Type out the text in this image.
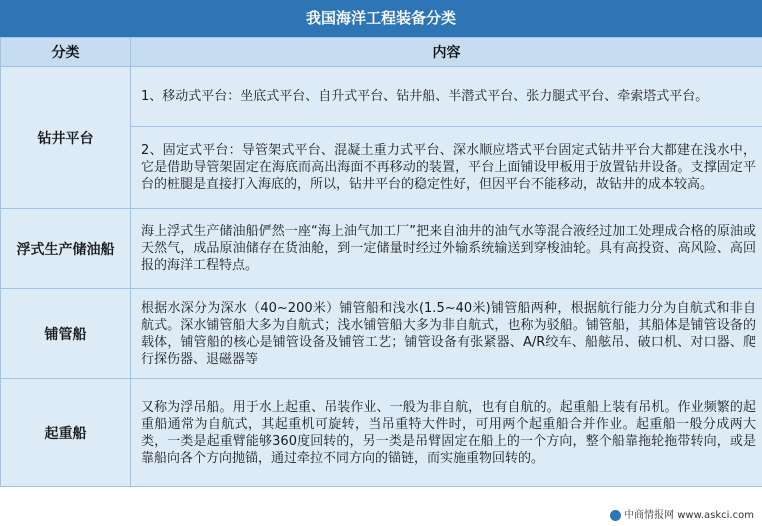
我国海洋工程装备分类
分类	内容
钻井平台	1、移动式平台：坐底式平台、自升式平台、钻井船、半潜式平台、张力腿式平台、牵索塔式平台。
	2、固定式平台：导管架式平台、混凝土重力式平台、深水顺应塔式平台固定式钻井平台大都建在浅水中，它是借助导管架固定在海底而高出海面不再移动的装置，平台上面铺设甲板用于放置钻井设备。支撑固定平台的桩腿是直接打入海底的，所以，钻井平台的稳定性好，但因平台不能移动，故钻井的成本较高。
浮式生产储油船	海上浮式生产储油船俨然一座“海上油气加工厂”把来自油井的油气水等混合液经过加工处理成合格的原油或天然气，成品原油储存在货油舱，到一定储量时经过外输系统输送到穿梭油轮。具有高投资、高风险、高回报的海洋工程特点。
铺管船	根据水深分为深水（40~200米）铺管船和浅水(1.5~40米)铺管船两种，根据航行能力分为自航式和非自航式。深水铺管船大多为自航式；浅水铺管船大多为非自航式，也称为驳船。铺管船，其船体是铺管设备的载体，铺管船的核心是铺管设备及铺管工艺；铺管设备有张紧器、A/R绞车、船舷吊、破口机、对口器、爬行探伤器、退磁器等
起重船	又称为浮吊船。用于水上起重、吊装作业、一般为非自航，也有自航的。起重船上装有吊机。作业频繁的起重船通常为自航式，其起重机可旋转，当吊重特大件时，可用两个起重船合并作业。起重船一般分成两大类，一类是起重臂能够360度回转的，另一类是吊臂固定在船上的一个方向，整个船靠拖轮拖带转向，或是靠船向各个方向抛锚，通过牵拉不同方向的锚链，而实施重物回转的。
中商情报网 www.askci.com
